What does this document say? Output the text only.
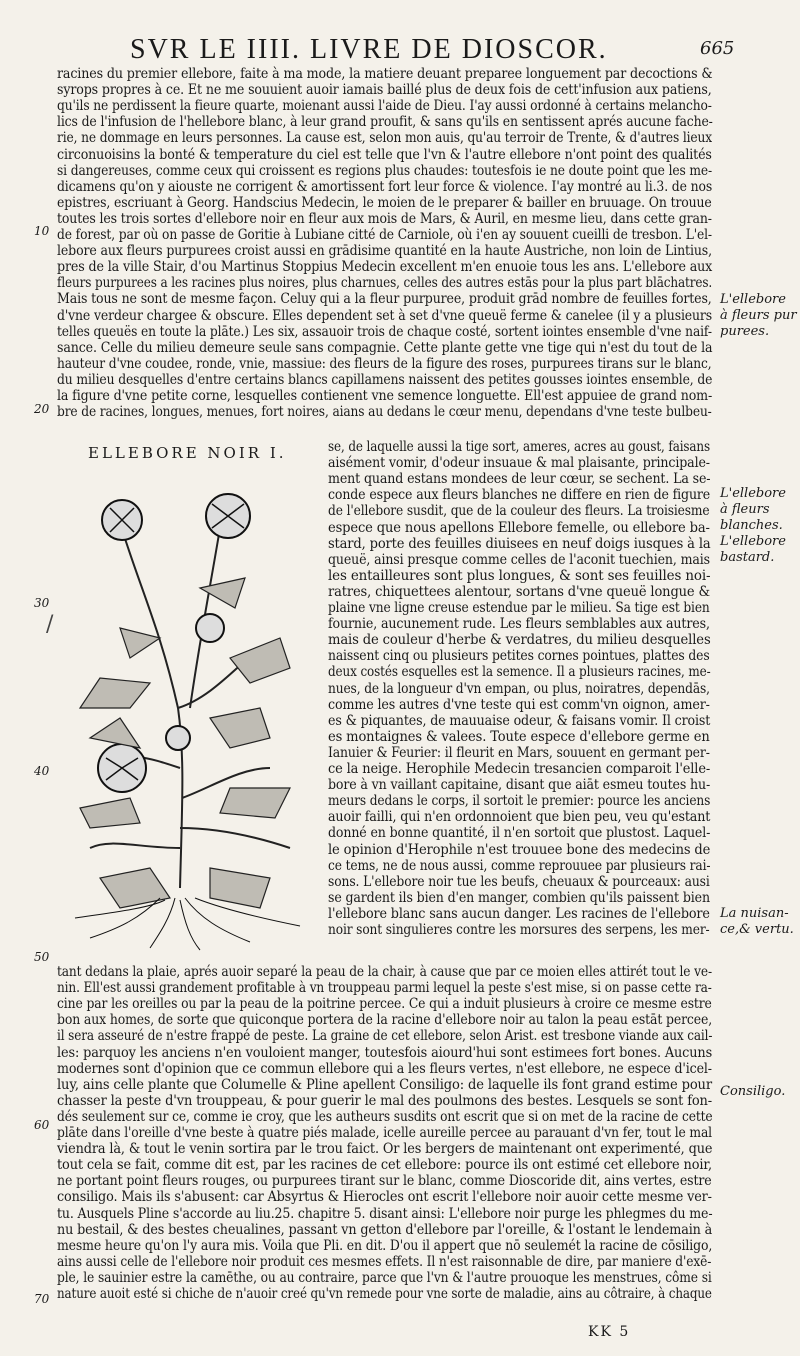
SVR LE IIII. LIVRE DE DIOSCOR.	665
racines du premier ellebore, faite à ma mode, la matiere deuant preparee longuement par decoctions &
syrops propres à ce. Et ne me souuient auoir iamais baillé plus de deux fois de cett'infusion aux patiens,
qu'ils ne perdissent la fieure quarte, moienant aussi l'aide de Dieu. I'ay aussi ordonné à certains melancho-
lics de l'infusion de l'hellebore blanc, à leur grand proufit, & sans qu'ils en sentissent aprés aucune fache-
rie, ne dommage en leurs personnes. La cause est, selon mon auis, qu'au terroir de Trente, & d'autres lieux
circonuoisins la bonté & temperature du ciel est telle que l'vn & l'autre ellebore n'ont point des qualités
si dangereuses, comme ceux qui croissent es regions plus chaudes: toutesfois ie ne doute point que les me-
dicamens qu'on y aiouste ne corrigent & amortissent fort leur force & violence. I'ay montré au li.3. de nos
epistres, escriuant à Georg. Handscius Medecin, le moien de le preparer & bailler en bruuage. On trouue
toutes les trois sortes d'ellebore noir en fleur aux mois de Mars, & Auril, en mesme lieu, dans cette gran-
de forest, par où on passe de Goritie à Lubiane citté de Carniole, où i'en ay souuent cueilli de tresbon. L'el-
lebore aux fleurs purpurees croist aussi en grādisime quantité en la haute Austriche, non loin de Lintius,
pres de la ville Stair, d'ou Martinus Stoppius Medecin excellent m'en enuoie tous les ans. L'ellebore aux
fleurs purpurees a les racines plus noires, plus charnues, celles des autres estās pour la plus part blāchatres.
Mais tous ne sont de mesme façon. Celuy qui a la fleur purpuree, produit grād nombre de feuilles fortes,
d'vne verdeur chargee & obscure. Elles dependent set à set d'vne queuë ferme & canelee (il y a plusieurs
telles queuës en toute la plāte.) Les six, assauoir trois de chaque costé, sortent iointes ensemble d'vne naif-
sance. Celle du milieu demeure seule sans compagnie. Cette plante gette vne tige qui n'est du tout de la
hauteur d'vne coudee, ronde, vnie, massiue: des fleurs de la figure des roses, purpurees tirans sur le blanc,
du milieu desquelles d'entre certains blancs capillamens naissent des petites gousses iointes ensemble, de
la figure d'vne petite corne, lesquelles contienent vne semence longuette. Ell'est appuiee de grand nom-
bre de racines, longues, menues, fort noires, aians au dedans le cœur menu, dependans d'vne teste bulbeu-
se, de laquelle aussi la tige sort, ameres, acres au goust, faisans
aisément vomir, d'odeur insuaue & mal plaisante, principale-
ment quand estans mondees de leur cœur, se sechent. La se-
conde espece aux fleurs blanches ne differe en rien de figure
de l'ellebore susdit, que de la couleur des fleurs. La troisiesme
espece que nous apellons Ellebore femelle, ou ellebore ba-
stard, porte des feuilles diuisees en neuf doigs iusques à la
queuë, ainsi presque comme celles de l'aconit tuechien, mais
les entailleures sont plus longues, & sont ses feuilles noi-
ratres, chiquettees alentour, sortans d'vne queuë longue &
plaine vne ligne creuse estendue par le milieu. Sa tige est bien
fournie, aucunement rude. Les fleurs semblables aux autres,
mais de couleur d'herbe & verdatres, du milieu desquelles
naissent cinq ou plusieurs petites cornes pointues, plattes des
deux costés esquelles est la semence. Il a plusieurs racines, me-
nues, de la longueur d'vn empan, ou plus, noiratres, dependās,
comme les autres d'vne teste qui est comm'vn oignon, amer-
es & piquantes, de mauuaise odeur, & faisans vomir. Il croist
es montaignes & valees. Toute espece d'ellebore germe en
Ianuier & Feurier: il fleurit en Mars, souuent en germant per-
ce la neige. Herophile Medecin tresancien comparoit l'elle-
bore à vn vaillant capitaine, disant que aiāt esmeu toutes hu-
meurs dedans le corps, il sortoit le premier: pource les anciens
auoir failli, qui n'en ordonnoient que bien peu, veu qu'estant
donné en bonne quantité, il n'en sortoit que plustost. Laquel-
le opinion d'Herophile n'est trouuee bone des medecins de
ce tems, ne de nous aussi, comme reprouuee par plusieurs rai-
sons. L'ellebore noir tue les beufs, cheuaux & pourceaux: ausi
se gardent ils bien d'en manger, combien qu'ils paissent bien
l'ellebore blanc sans aucun danger. Les racines de l'ellebore
noir sont singulieres contre les morsures des serpens, les mer-
tant dedans la plaie, aprés auoir separé la peau de la chair, à cause que par ce moien elles attirét tout le ve-
nin. Ell'est aussi grandement profitable à vn trouppeau parmi lequel la peste s'est mise, si on passe cette ra-
cine par les oreilles ou par la peau de la poitrine percee. Ce qui a induit plusieurs à croire ce mesme estre
bon aux homes, de sorte que quiconque portera de la racine d'ellebore noir au talon la peau estāt percee,
il sera asseuré de n'estre frappé de peste. La graine de cet ellebore, selon Arist. est tresbone viande aux cail-
les: parquoy les anciens n'en vouloient manger, toutesfois aiourd'hui sont estimees fort bones. Aucuns
modernes sont d'opinion que ce commun ellebore qui a les fleurs vertes, n'est ellebore, ne espece d'icel-
luy, ains celle plante que Columelle & Pline apellent Consiligo: de laquelle ils font grand estime pour
chasser la peste d'vn trouppeau, & pour guerir le mal des poulmons des bestes. Lesquels se sont fon-
dés seulement sur ce, comme ie croy, que les autheurs susdits ont escrit que si on met de la racine de cette
plāte dans l'oreille d'vne beste à quatre piés malade, icelle aureille percee au parauant d'vn fer, tout le mal
viendra là, & tout le venin sortira par le trou faict. Or les bergers de maintenant ont experimenté, que
tout cela se fait, comme dit est, par les racines de cet ellebore: pource ils ont estimé cet ellebore noir,
ne portant point fleurs rouges, ou purpurees tirant sur le blanc, comme Dioscoride dit, ains vertes, estre
consiligo. Mais ils s'abusent: car Absyrtus & Hierocles ont escrit l'ellebore noir auoir cette mesme ver-
tu. Ausquels Pline s'accorde au liu.25. chapitre 5. disant ainsi: L'ellebore noir purge les phlegmes du me-
nu bestail, & des bestes cheualines, passant vn getton d'ellebore par l'oreille, & l'ostant le lendemain à
mesme heure qu'on l'y aura mis. Voila que Pli. en dit. D'ou il appert que nō seulemét la racine de cōsiligo,
ains aussi celle de l'ellebore noir produit ces mesmes effets. Il n'est raisonnable de dire, par maniere d'exē-
ple, le sauinier estre la camēthe, ou au contraire, parce que l'vn & l'autre prouoque les menstrues, côme si
nature auoit esté si chiche de n'auoir creé qu'vn remede pour vne sorte de maladie, ains au côtraire, à chaque
10
20
30
40
50
60
70
L'ellebore
à fleurs pur
purees.
L'ellebore
à fleurs
blanches.
L'ellebore
bastard.
La nuisan-
ce,& vertu.
Consiligo.
ELLEBORE NOIR I.
/
KK 5
